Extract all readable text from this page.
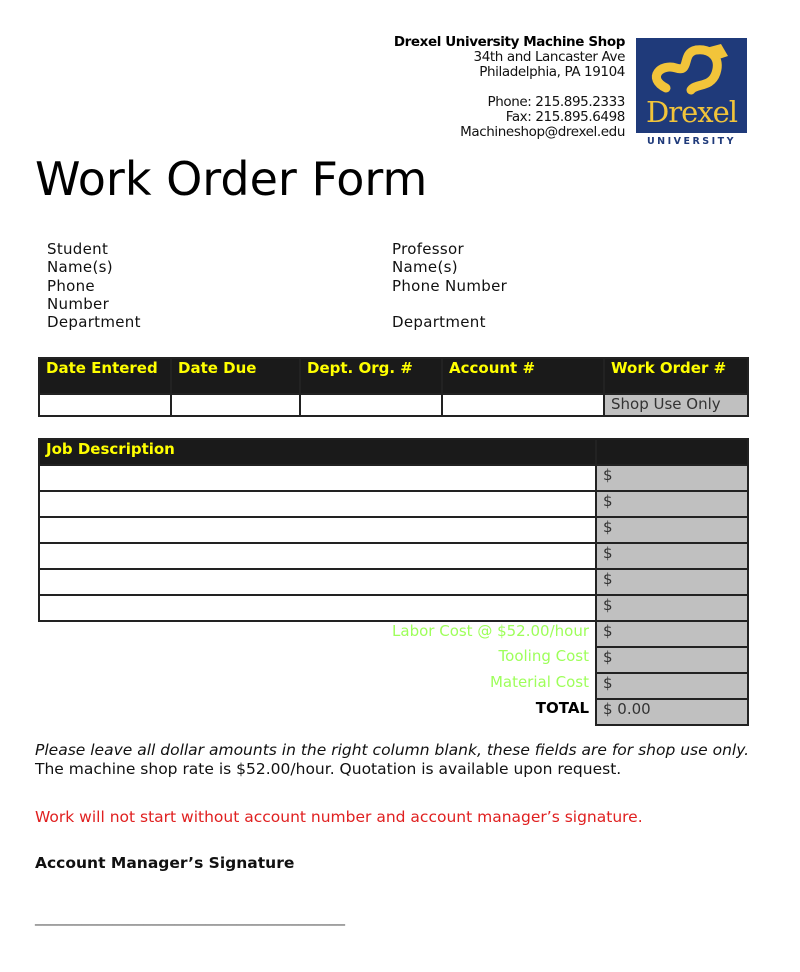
Drexel University Machine Shop
34th and Lancaster Ave
Philadelphia, PA 19104
Phone: 215.895.2333
Fax: 215.895.6498
Machineshop@drexel.edu
Drexel
UNIVERSITY
Work Order Form
Student Name(s)
Phone Number
Department
Professor Name(s)
Phone Number
Department
Date Entered	Date Due	Dept. Org. #	Account #	Work Order #
				Shop Use Only
Job Description	
	$
	$
	$
	$
	$
	$
Labor Cost @ $52.00/hour	$
Tooling Cost	$
Material Cost	$
TOTAL	$ 0.00
Please leave all dollar amounts in the right column blank, these fields are for shop use only. The machine shop rate is $52.00/hour. Quotation is available upon request.
Work will not start without account number and account manager’s signature.
Account Manager’s Signature
________________________________________
